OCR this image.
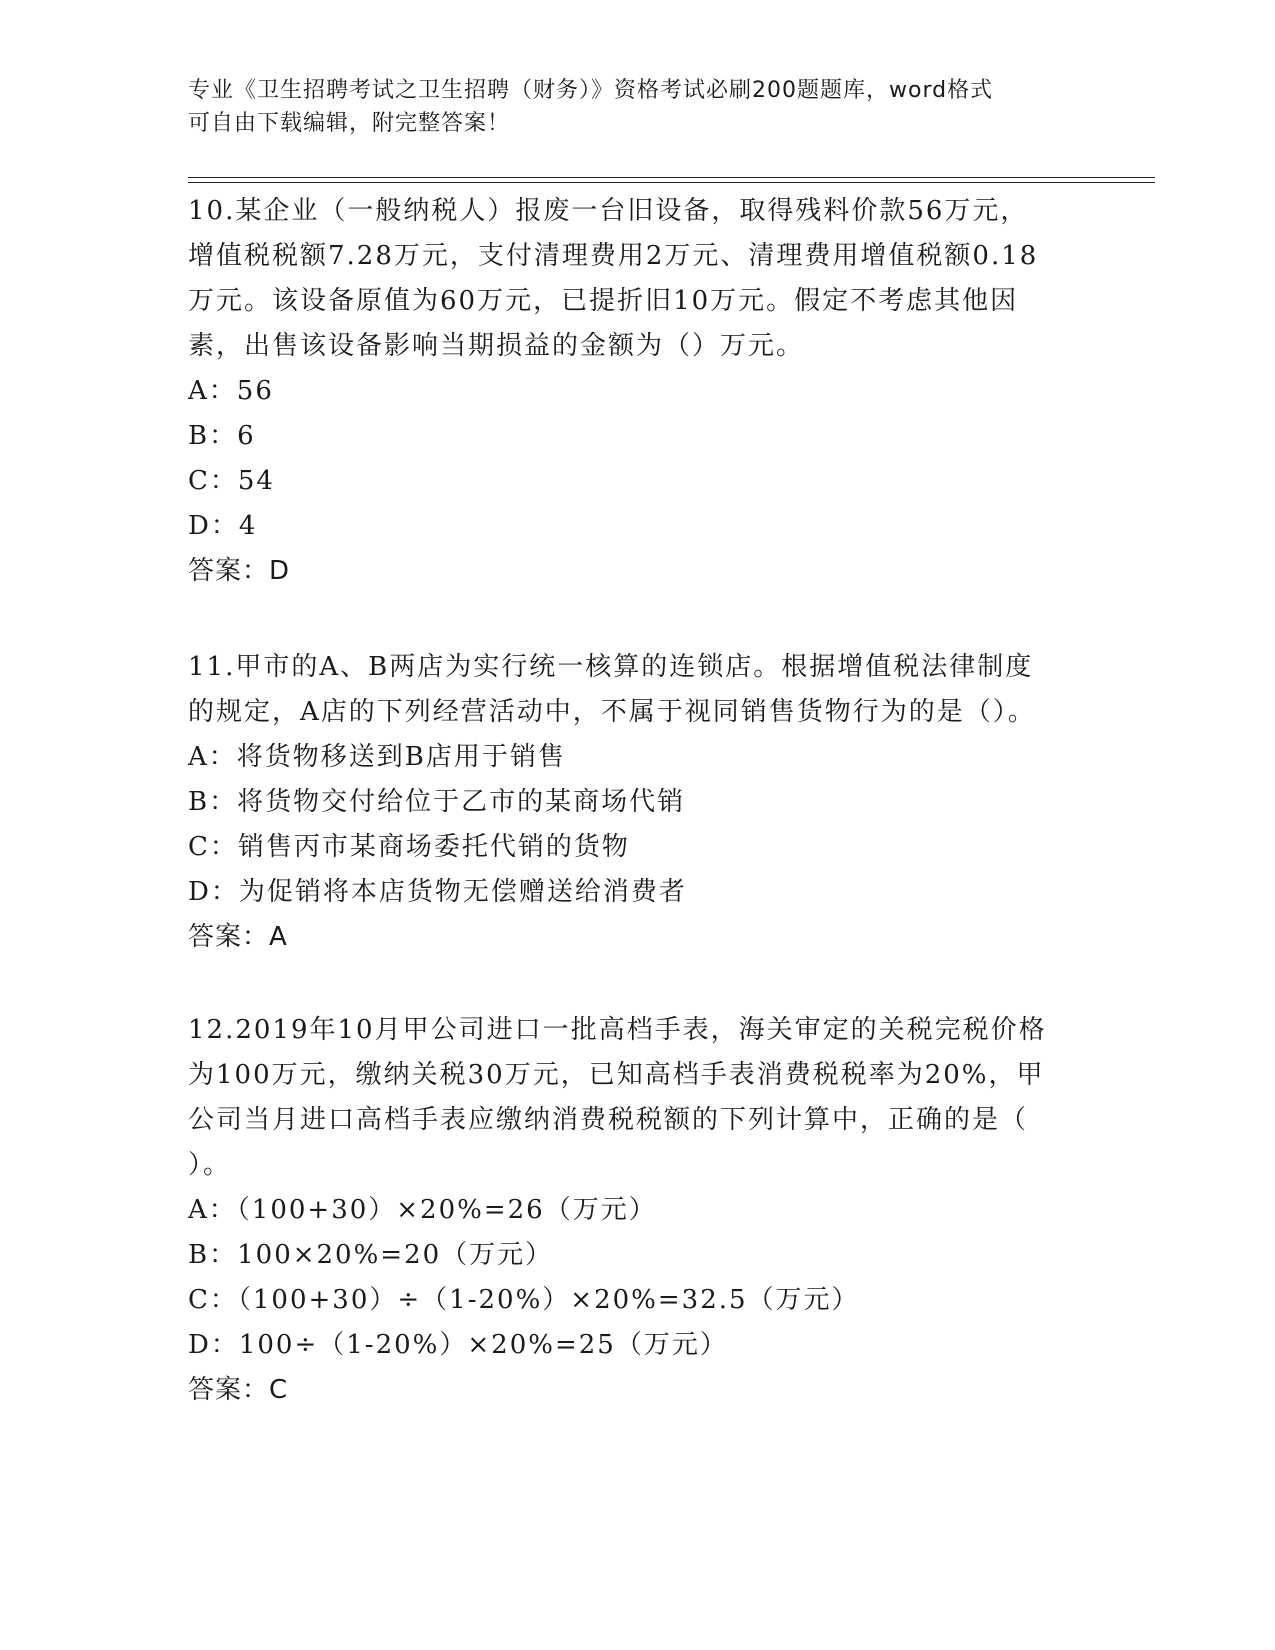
专业《卫生招聘考试之卫生招聘（财务）》资格考试必刷200题题库，word格式
可自由下载编辑，附完整答案！

10.某企业（一般纳税人）报废一台旧设备，取得残料价款56万元，

增值税税额7.28万元，支付清理费用2万元、清理费用增值税额0.18

万元。该设备原值为60万元，已提折旧10万元。假定不考虑其他因

素，出售该设备影响当期损益的金额为（）万元。

A：56

B：6

C：54

D：4

答案：D

11.甲市的A、B两店为实行统一核算的连锁店。根据增值税法律制度

的规定，A店的下列经营活动中，不属于视同销售货物行为的是（）。

A：将货物移送到B店用于销售

B：将货物交付给位于乙市的某商场代销

C：销售丙市某商场委托代销的货物

D：为促销将本店货物无偿赠送给消费者

答案：A

12.2019年10月甲公司进口一批高档手表，海关审定的关税完税价格

为100万元，缴纳关税30万元，已知高档手表消费税税率为20%，甲

公司当月进口高档手表应缴纳消费税税额的下列计算中，正确的是（

）。

A：（100+30）×20%=26（万元）

B：100×20%=20（万元）

C：（100+30）÷（1-20%）×20%=32.5（万元）

D：100÷（1-20%）×20%=25（万元）

答案：C
